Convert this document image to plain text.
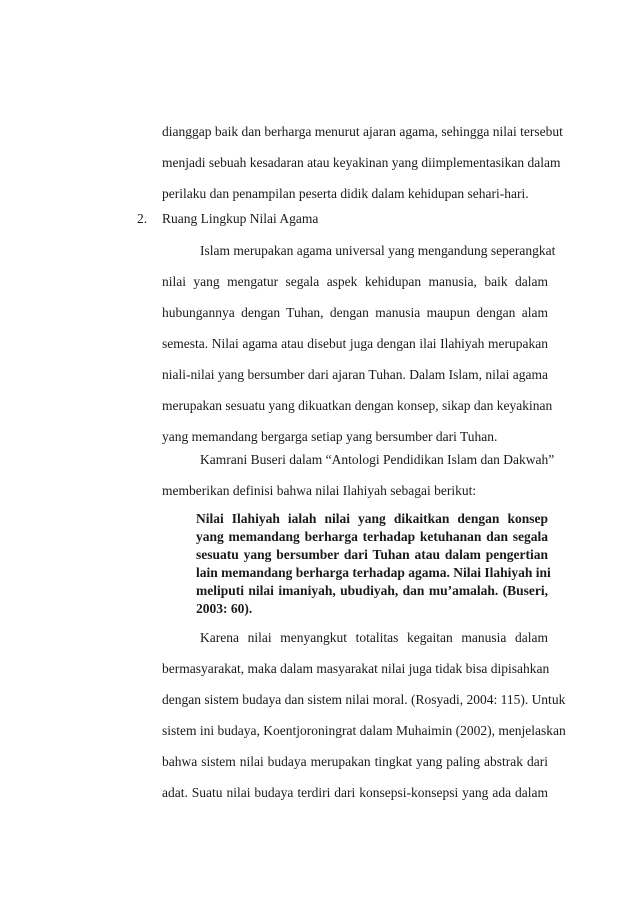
dianggap baik dan berharga menurut ajaran agama, sehingga nilai tersebut
menjadi sebuah kesadaran atau keyakinan yang diimplementasikan dalam
perilaku dan penampilan peserta didik dalam kehidupan sehari-hari.
2. Ruang Lingkup Nilai Agama
Islam merupakan agama universal yang mengandung seperangkat
nilai yang mengatur segala aspek kehidupan manusia, baik dalam
hubungannya dengan Tuhan, dengan manusia maupun dengan alam
semesta. Nilai agama atau disebut juga dengan ilai Ilahiyah merupakan
niali-nilai yang bersumber dari ajaran Tuhan. Dalam Islam, nilai agama
merupakan sesuatu yang dikuatkan dengan konsep, sikap dan keyakinan
yang memandang bergarga setiap yang bersumber dari Tuhan.
Kamrani Buseri dalam “Antologi Pendidikan Islam dan Dakwah”
memberikan definisi bahwa nilai Ilahiyah sebagai berikut:
Nilai Ilahiyah ialah nilai yang dikaitkan dengan konsep
yang memandang berharga terhadap ketuhanan dan segala
sesuatu yang bersumber dari Tuhan atau dalam pengertian
lain memandang berharga terhadap agama. Nilai Ilahiyah ini
meliputi nilai imaniyah, ubudiyah, dan mu’amalah. (Buseri,
2003: 60).
Karena nilai menyangkut totalitas kegaitan manusia dalam
bermasyarakat, maka dalam masyarakat nilai juga tidak bisa dipisahkan
dengan sistem budaya dan sistem nilai moral. (Rosyadi, 2004: 115). Untuk
sistem ini budaya, Koentjoroningrat dalam Muhaimin (2002), menjelaskan
bahwa sistem nilai budaya merupakan tingkat yang paling abstrak dari
adat. Suatu nilai budaya terdiri dari konsepsi-konsepsi yang ada dalam
